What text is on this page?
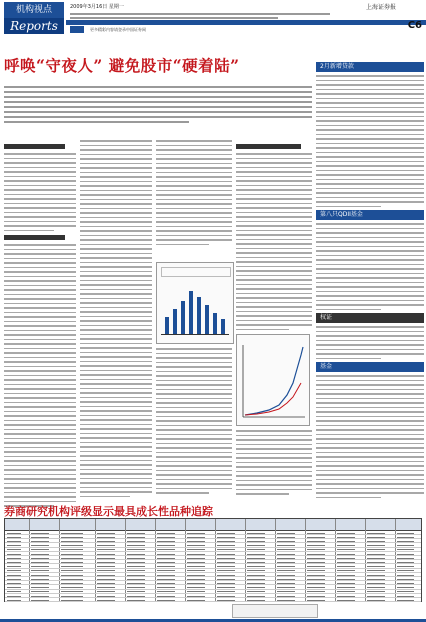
机构视点
Reports
2009年3月16日 星期一	上海证券报
C6
更多精彩内容请登录中国证券网
呼唤“守夜人” 避免股市“硬着陆”	2月新增贷款
第八只QDII基金
权证
基金
券商研究机构评级显示最具成长性品种追踪
